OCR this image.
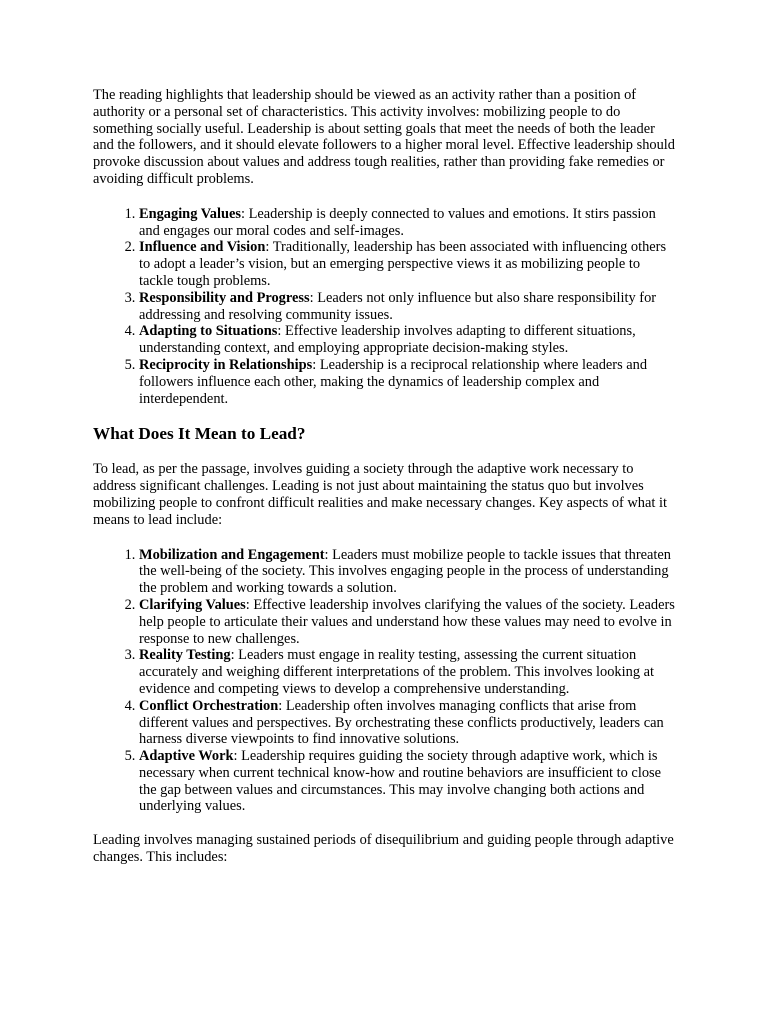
The reading highlights that leadership should be viewed as an activity rather than a position of authority or a personal set of characteristics. This activity involves: mobilizing people to do something socially useful. Leadership is about setting goals that meet the needs of both the leader and the followers, and it should elevate followers to a higher moral level. Effective leadership should provoke discussion about values and address tough realities, rather than providing fake remedies or avoiding difficult problems.

1. Engaging Values: Leadership is deeply connected to values and emotions. It stirs passion and engages our moral codes and self-images.
2. Influence and Vision: Traditionally, leadership has been associated with influencing others to adopt a leader’s vision, but an emerging perspective views it as mobilizing people to tackle tough problems.
3. Responsibility and Progress: Leaders not only influence but also share responsibility for addressing and resolving community issues.
4. Adapting to Situations: Effective leadership involves adapting to different situations, understanding context, and employing appropriate decision-making styles.
5. Reciprocity in Relationships: Leadership is a reciprocal relationship where leaders and followers influence each other, making the dynamics of leadership complex and interdependent.
What Does It Mean to Lead?

To lead, as per the passage, involves guiding a society through the adaptive work necessary to address significant challenges. Leading is not just about maintaining the status quo but involves mobilizing people to confront difficult realities and make necessary changes. Key aspects of what it means to lead include:

1. Mobilization and Engagement: Leaders must mobilize people to tackle issues that threaten the well-being of the society. This involves engaging people in the process of understanding the problem and working towards a solution.
2. Clarifying Values: Effective leadership involves clarifying the values of the society. Leaders help people to articulate their values and understand how these values may need to evolve in response to new challenges.
3. Reality Testing: Leaders must engage in reality testing, assessing the current situation accurately and weighing different interpretations of the problem. This involves looking at evidence and competing views to develop a comprehensive understanding.
4. Conflict Orchestration: Leadership often involves managing conflicts that arise from different values and perspectives. By orchestrating these conflicts productively, leaders can harness diverse viewpoints to find innovative solutions.
5. Adaptive Work: Leadership requires guiding the society through adaptive work, which is necessary when current technical know-how and routine behaviors are insufficient to close the gap between values and circumstances. This may involve changing both actions and underlying values.

Leading involves managing sustained periods of disequilibrium and guiding people through adaptive changes. This includes:
